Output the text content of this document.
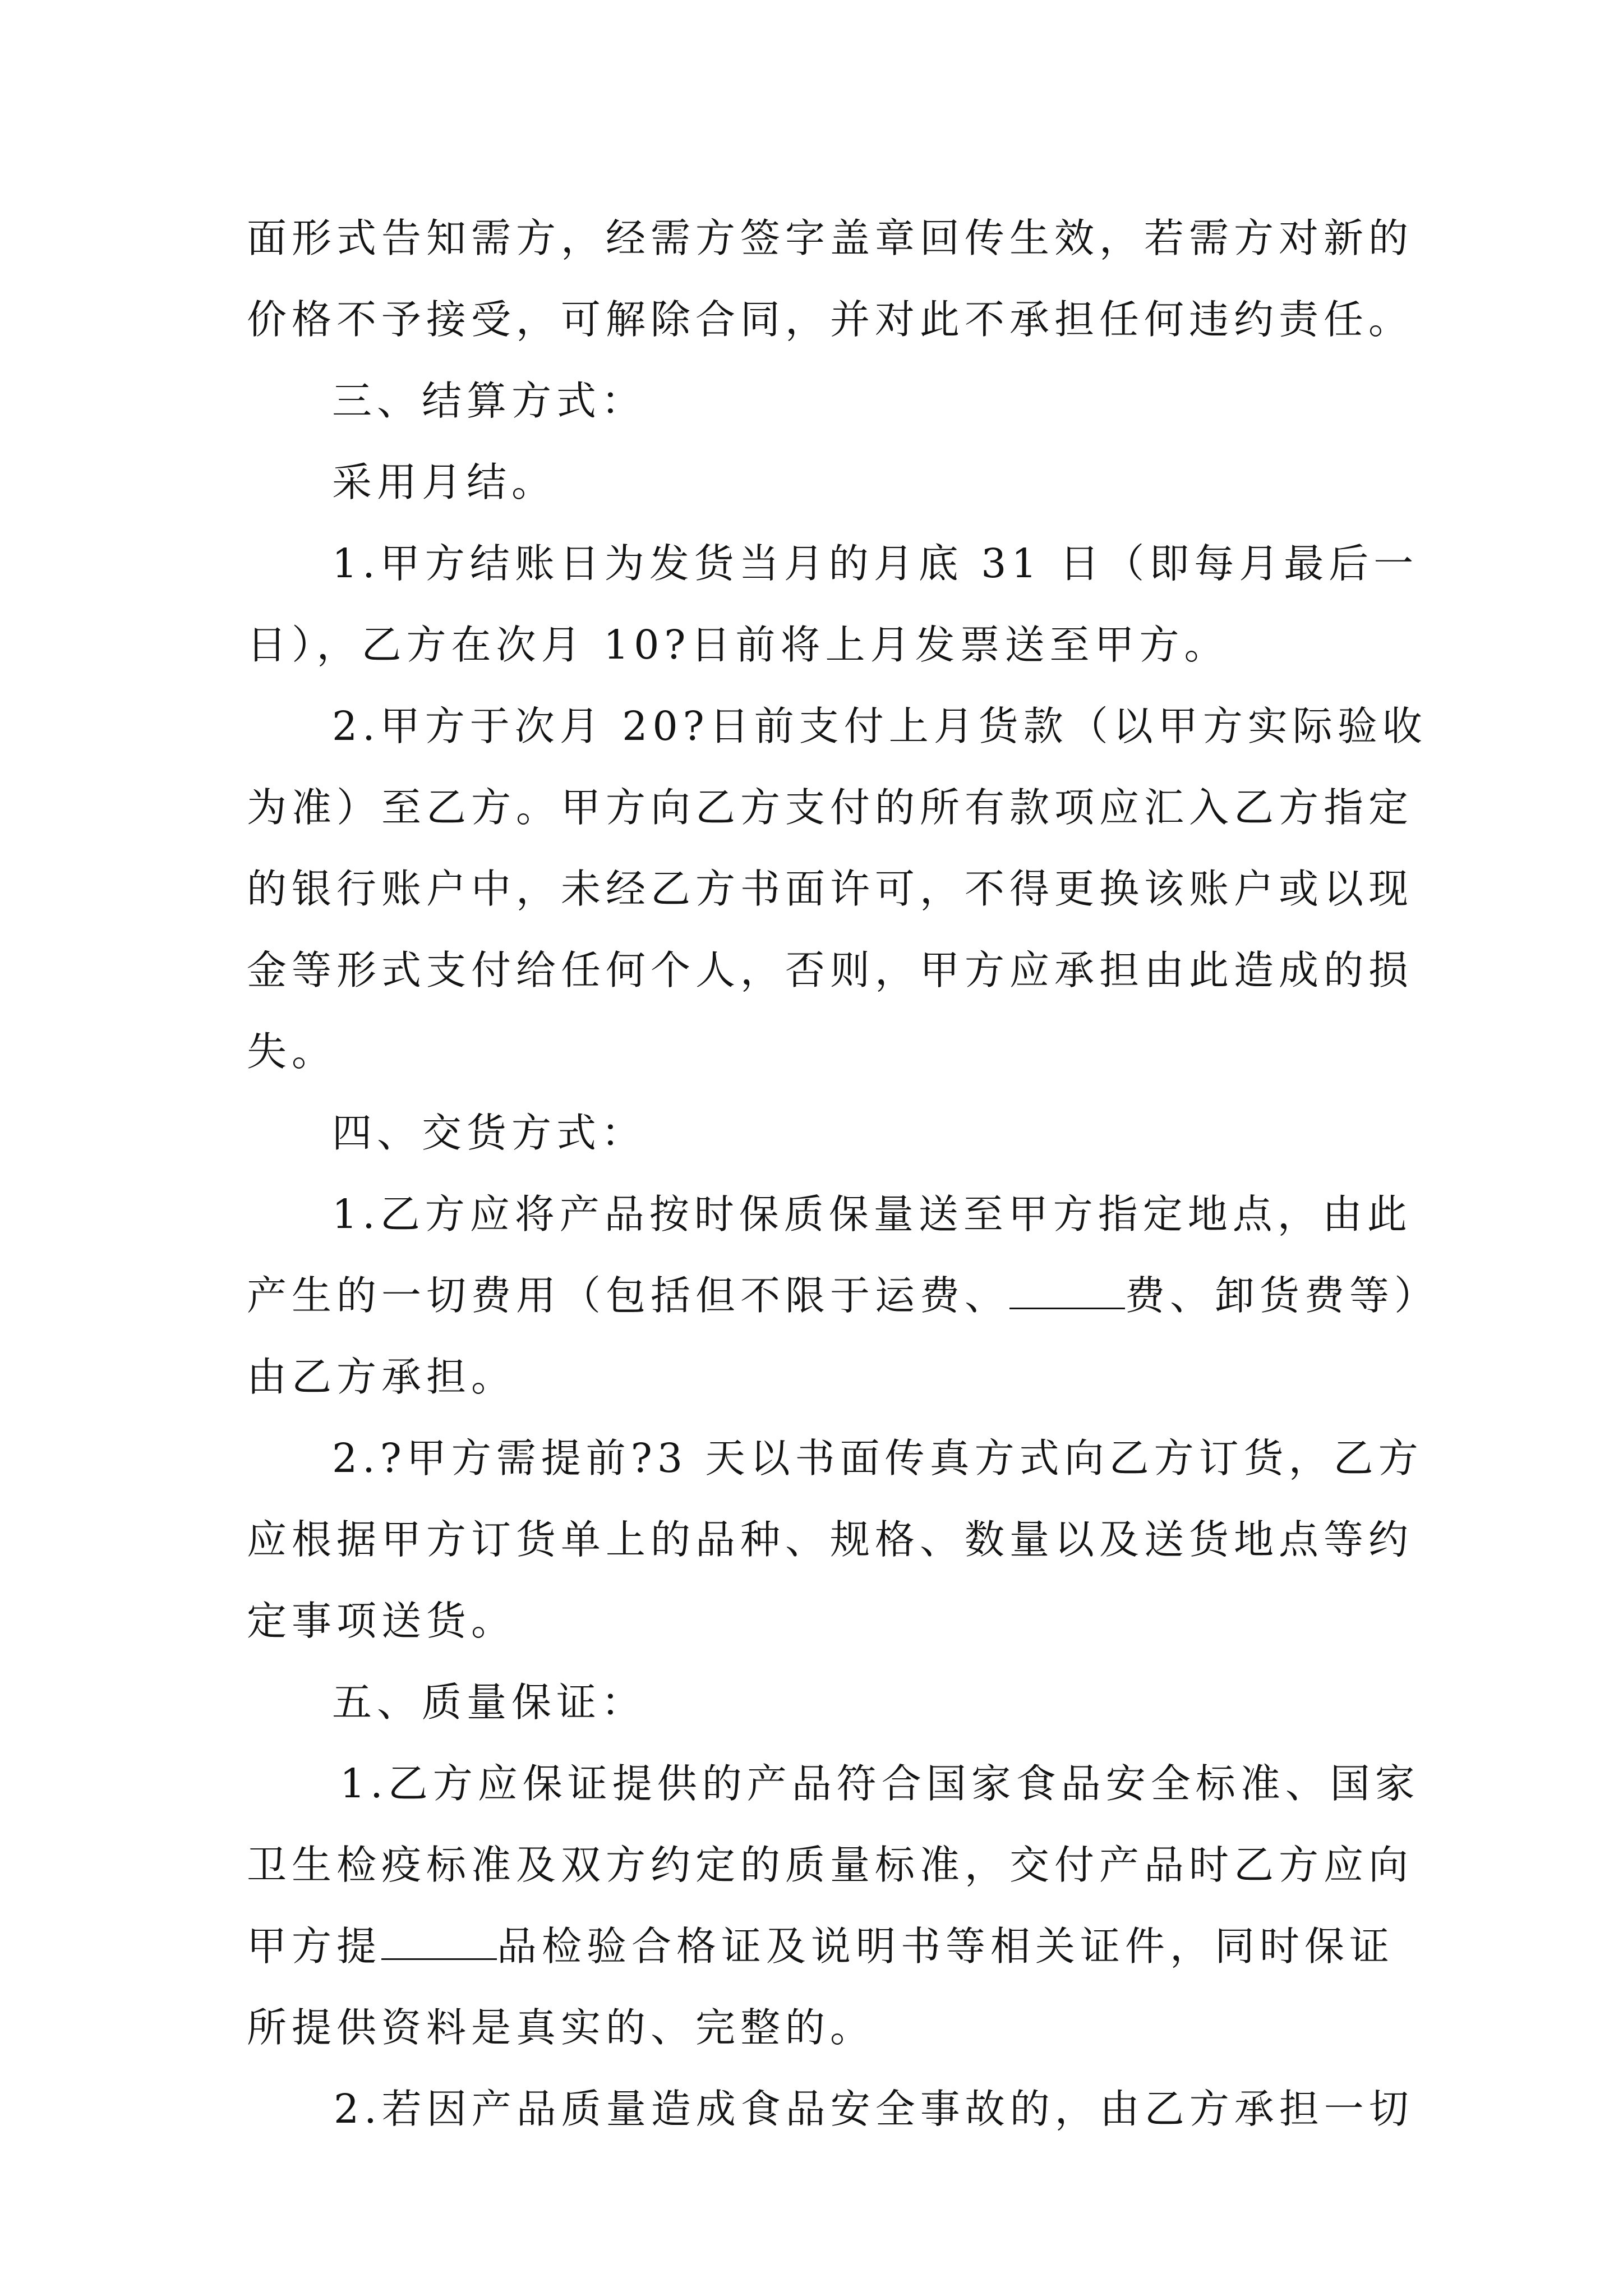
面形式告知需方，经需方签字盖章回传生效，若需方对新的
价格不予接受，可解除合同，并对此不承担任何违约责任。
三、结算方式：
采用月结。
1.甲方结账日为发货当月的月底 31 日（即每月最后一
日），乙方在次月 10?日前将上月发票送至甲方。
2.甲方于次月 20?日前支付上月货款（以甲方实际验收
为准）至乙方。甲方向乙方支付的所有款项应汇入乙方指定
的银行账户中，未经乙方书面许可，不得更换该账户或以现
金等形式支付给任何个人，否则，甲方应承担由此造成的损
失。
四、交货方式：
1.乙方应将产品按时保质保量送至甲方指定地点，由此
产生的一切费用（包括但不限于运费、	费、卸货费等）
由乙方承担。
2.?甲方需提前?3 天以书面传真方式向乙方订货，乙方
应根据甲方订货单上的品种、规格、数量以及送货地点等约
定事项送货。
五、质量保证：
1.乙方应保证提供的产品符合国家食品安全标准、国家
卫生检疫标准及双方约定的质量标准，交付产品时乙方应向
甲方提	品检验合格证及说明书等相关证件，同时保证
所提供资料是真实的、完整的。
2.若因产品质量造成食品安全事故的，由乙方承担一切
